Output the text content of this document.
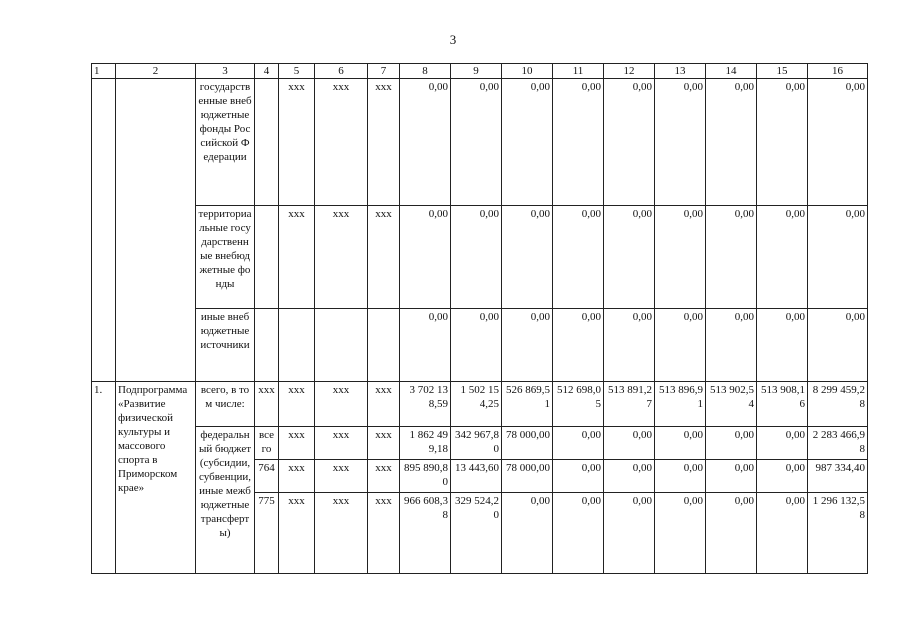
3
1	2	3	4	5	6	7	8	9	10	11	12	13	14	15	16
		государственные внебюджетные фонды Российской Федерации		ххх	ххх	ххх	0,00	0,00	0,00	0,00	0,00	0,00	0,00	0,00	0,00
		территориальные государственные внебюджетные фонды		ххх	ххх	ххх	0,00	0,00	0,00	0,00	0,00	0,00	0,00	0,00	0,00
		иные внебюджетные источники					0,00	0,00	0,00	0,00	0,00	0,00	0,00	0,00	0,00
1.	Подпрограмма «Развитие физической культуры и массового спорта в Приморском крае»	всего, в том числе:	ххх	ххх	ххх	ххх	3 702 138,59	1 502 154,25	526 869,51	512 698,05	513 891,27	513 896,91	513 902,54	513 908,16	8 299 459,28
		федеральный бюджет (субсидии, субвенции, иные межбюджетные трансферты)	всего	ххх	ххх	ххх	1 862 499,18	342 967,80	78 000,00	0,00	0,00	0,00	0,00	0,00	2 283 466,98
			764	ххх	ххх	ххх	895 890,80	13 443,60	78 000,00	0,00	0,00	0,00	0,00	0,00	987 334,40
			775	ххх	ххх	ххх	966 608,38	329 524,20	0,00	0,00	0,00	0,00	0,00	0,00	1 296 132,58
